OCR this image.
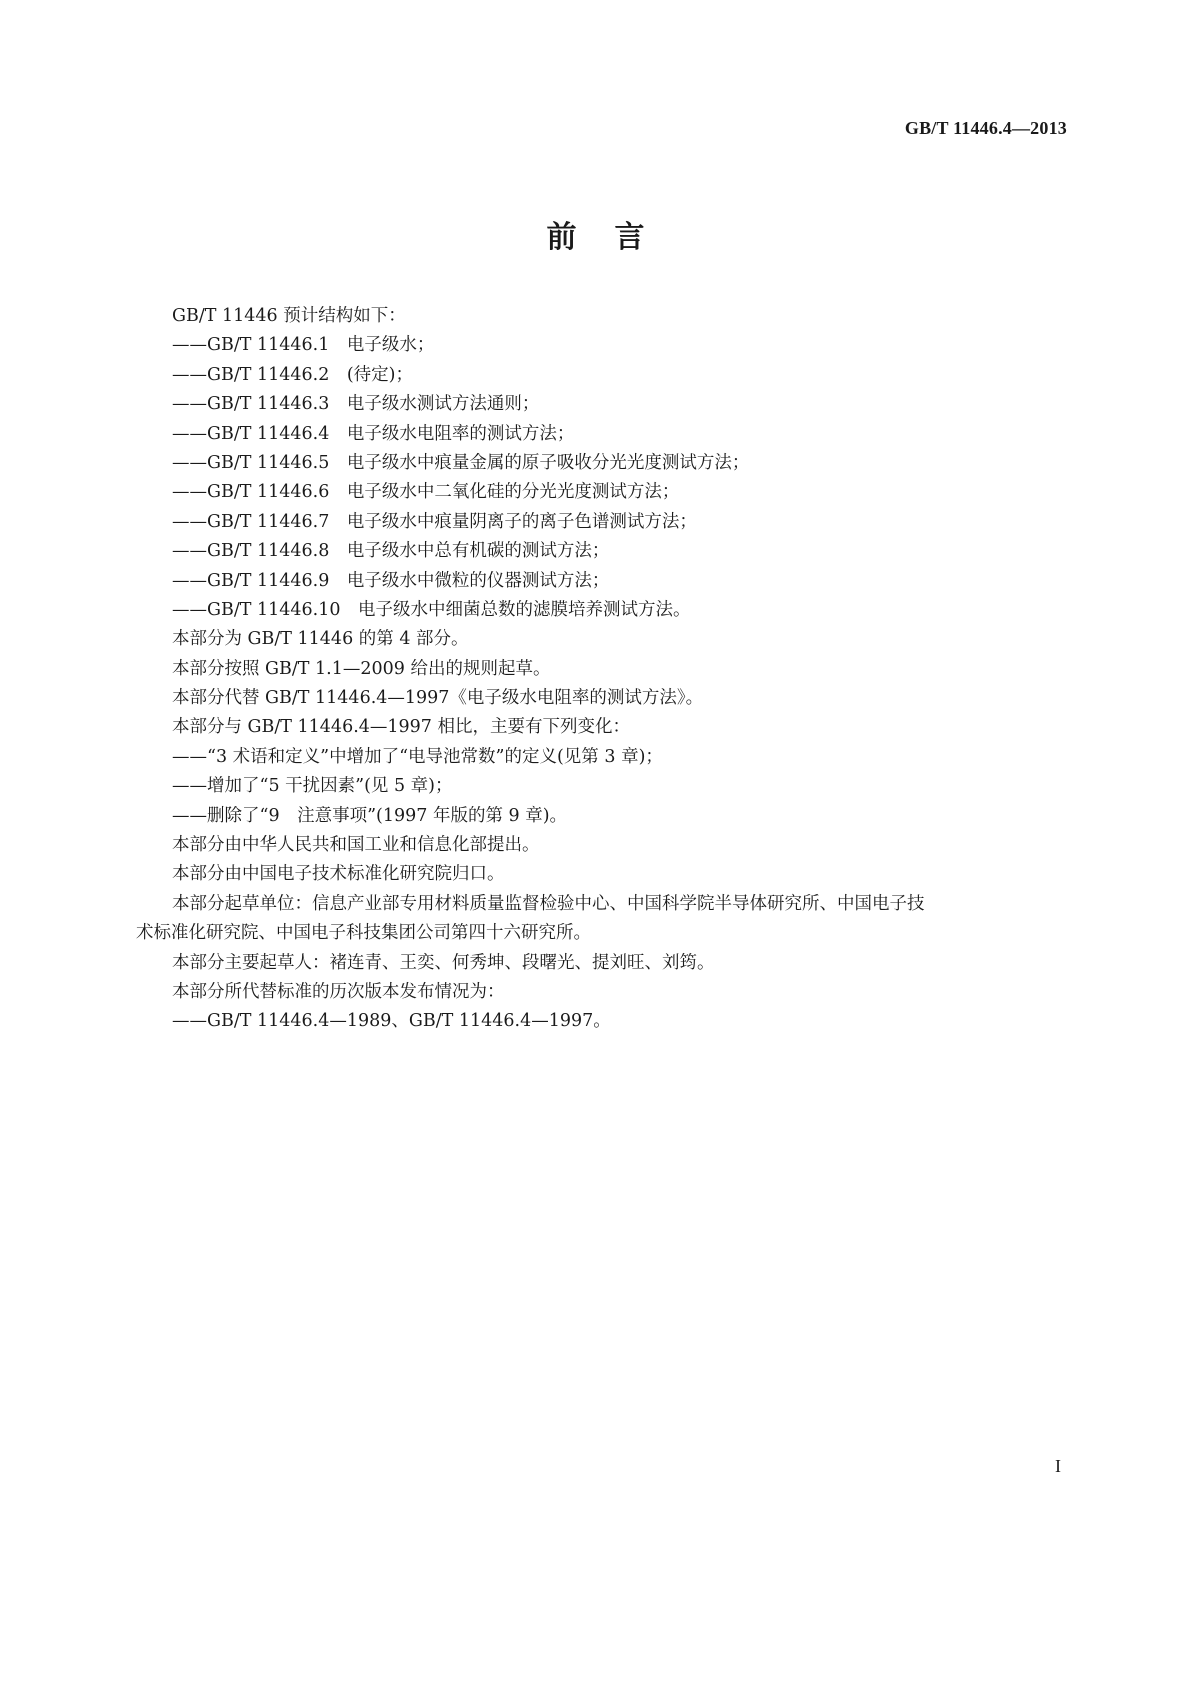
GB/T 11446.4—2013
前言
GB/T 11446 预计结构如下：
——GB/T 11446.1　电子级水；
——GB/T 11446.2　(待定)；
——GB/T 11446.3　电子级水测试方法通则；
——GB/T 11446.4　电子级水电阻率的测试方法；
——GB/T 11446.5　电子级水中痕量金属的原子吸收分光光度测试方法；
——GB/T 11446.6　电子级水中二氧化硅的分光光度测试方法；
——GB/T 11446.7　电子级水中痕量阴离子的离子色谱测试方法；
——GB/T 11446.8　电子级水中总有机碳的测试方法；
——GB/T 11446.9　电子级水中微粒的仪器测试方法；
——GB/T 11446.10　电子级水中细菌总数的滤膜培养测试方法。
本部分为 GB/T 11446 的第 4 部分。
本部分按照 GB/T 1.1—2009 给出的规则起草。
本部分代替 GB/T 11446.4—1997《电子级水电阻率的测试方法》。
本部分与 GB/T 11446.4—1997 相比，主要有下列变化：
——“3 术语和定义”中增加了“电导池常数”的定义(见第 3 章)；
——增加了“5 干扰因素”(见 5 章)；
——删除了“9　注意事项”(1997 年版的第 9 章)。
本部分由中华人民共和国工业和信息化部提出。
本部分由中国电子技术标准化研究院归口。
本部分起草单位：信息产业部专用材料质量监督检验中心、中国科学院半导体研究所、中国电子技
术标准化研究院、中国电子科技集团公司第四十六研究所。
本部分主要起草人：褚连青、王奕、何秀坤、段曙光、提刘旺、刘筠。
本部分所代替标准的历次版本发布情况为：
——GB/T 11446.4—1989、GB/T 11446.4—1997。
I
